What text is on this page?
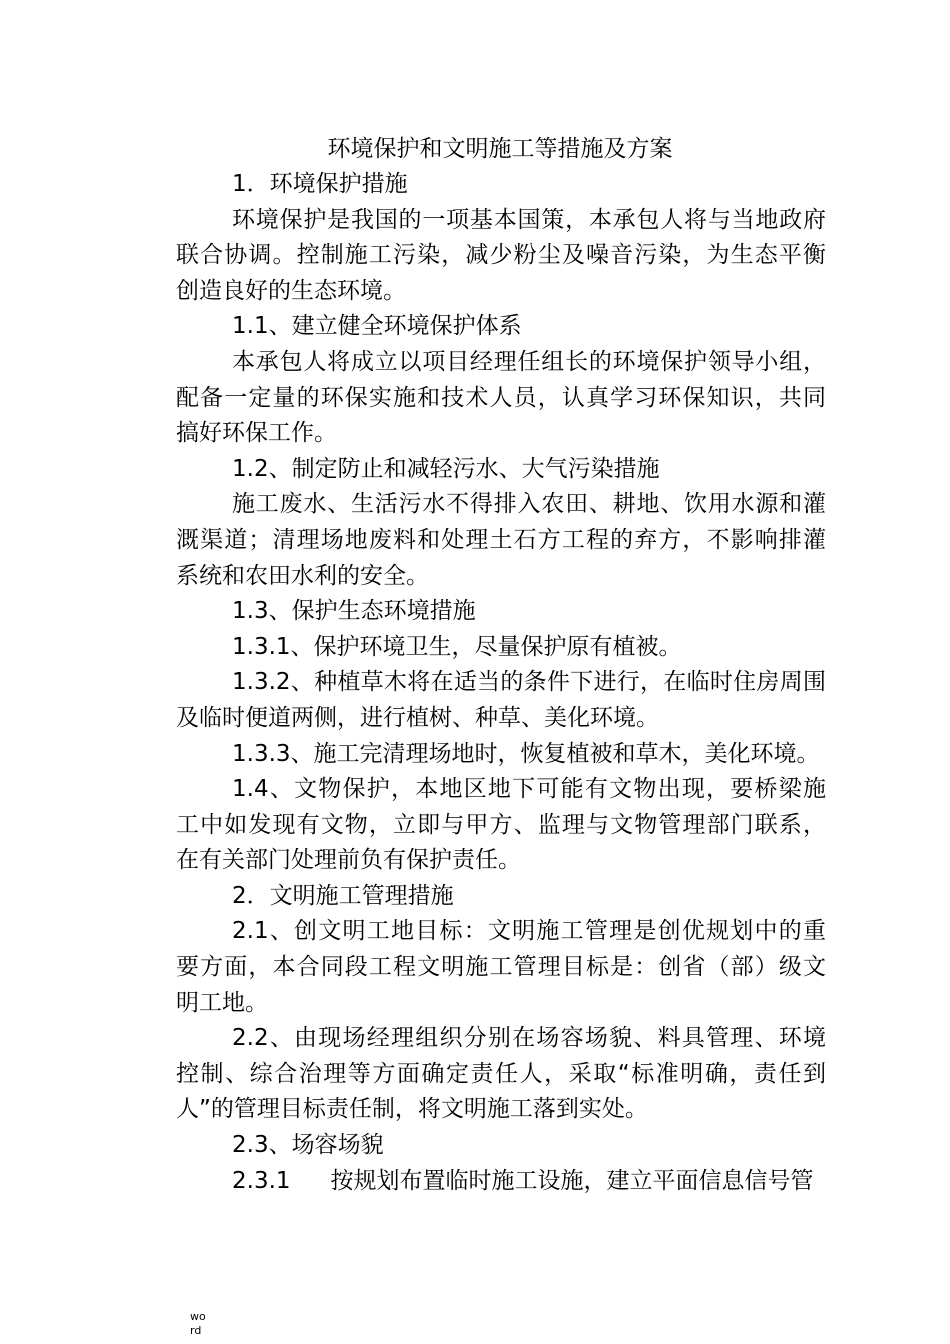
环境保护和文明施工等措施及方案
1．环境保护措施
环境保护是我国的一项基本国策，本承包人将与当地政府
联合协调。控制施工污染，减少粉尘及噪音污染，为生态平衡
创造良好的生态环境。
1.1、建立健全环境保护体系
本承包人将成立以项目经理任组长的环境保护领导小组，
配备一定量的环保实施和技术人员，认真学习环保知识，共同
搞好环保工作。
1.2、制定防止和减轻污水、大气污染措施
施工废水、生活污水不得排入农田、耕地、饮用水源和灌
溉渠道；清理场地废料和处理土石方工程的弃方，不影响排灌
系统和农田水利的安全。
1.3、保护生态环境措施
1.3.1、保护环境卫生，尽量保护原有植被。
1.3.2、种植草木将在适当的条件下进行，在临时住房周围
及临时便道两侧，进行植树、种草、美化环境。
1.3.3、施工完清理场地时，恢复植被和草木，美化环境。
1.4、文物保护，本地区地下可能有文物出现，要桥梁施
工中如发现有文物，立即与甲方、监理与文物管理部门联系，
在有关部门处理前负有保护责任。
2．文明施工管理措施
2.1、创文明工地目标：文明施工管理是创优规划中的重
要方面，本合同段工程文明施工管理目标是：创省（部）级文
明工地。
2.2、由现场经理组织分别在场容场貌、料具管理、环境
控制、综合治理等方面确定责任人，采取“标准明确，责任到
人”的管理目标责任制，将文明施工落到实处。
2.3、场容场貌
2.3.1 按规划布置临时施工设施，建立平面信息信号管
word
